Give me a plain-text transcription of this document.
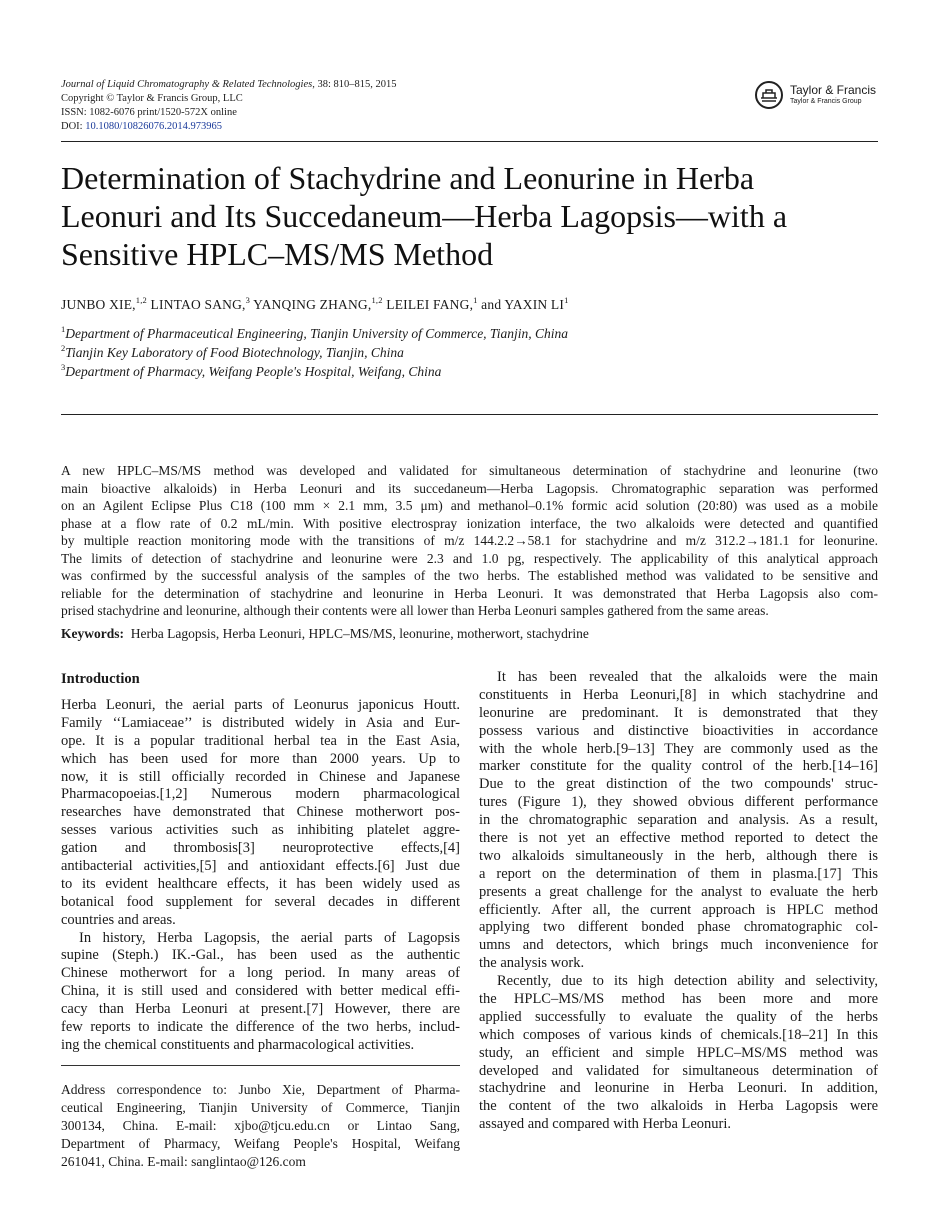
Journal of Liquid Chromatography & Related Technologies, 38: 810–815, 2015
Copyright © Taylor & Francis Group, LLC
ISSN: 1082-6076 print/1520-572X online
DOI: 10.1080/10826076.2014.973965
Taylor & Francis
Taylor & Francis Group
Determination of Stachydrine and Leonurine in Herba
Leonuri and Its Succedaneum—Herba Lagopsis—with a
Sensitive HPLC–MS/MS Method
JUNBO XIE,$^{1,2}$ LINTAO SANG,$^3$ YANQING ZHANG,$^{1,2}$ LEILEI FANG,$^1$ and YAXIN $LI^1$
$^1$Department of Pharmaceutical Engineering, Tianjin University of Commerce, Tianjin, China
$^2$Tianjin Key Laboratory of Food Biotechnology, Tianjin, China
$^3$Department of Pharmacy, Weifang People's Hospital, Weifang, China
A new HPLC–MS/MS method was developed and validated for simultaneous determination of stachydrine and leonurine (two
main bioactive alkaloids) in Herba Leonuri and its succedaneum—Herba Lagopsis. Chromatographic separation was performed
on an Agilent Eclipse Plus C18 (100 mm × 2.1 mm, 3.5 μm) and methanol–0.1% formic acid solution (20:80) was used as a mobile
phase at a flow rate of 0.2 mL/min. With positive electrospray ionization interface, the two alkaloids were detected and quantified
by multiple reaction monitoring mode with the transitions of m/z 144.2.2→58.1 for stachydrine and m/z 312.2→181.1 for leonurine.
The limits of detection of stachydrine and leonurine were 2.3 and 1.0 pg, respectively. The applicability of this analytical approach
was confirmed by the successful analysis of the samples of the two herbs. The established method was validated to be sensitive and
reliable for the determination of stachydrine and leonurine in Herba Leonuri. It was demonstrated that Herba Lagopsis also com-
prised stachydrine and leonurine, although their contents were all lower than Herba Leonuri samples gathered from the same areas.
Keywords: Herba Lagopsis, Herba Leonuri, HPLC–MS/MS, leonurine, motherwort, stachydrine
Introduction
Herba Leonuri, the aerial parts of Leonurus japonicus Houtt.
Family ‘‘Lamiaceae’’ is distributed widely in Asia and Eur-
ope. It is a popular traditional herbal tea in the East Asia,
which has been used for more than 2000 years. Up to
now, it is still officially recorded in Chinese and Japanese
Pharmacopoeias.[1,2] Numerous modern pharmacological
researches have demonstrated that Chinese motherwort pos-
sesses various activities such as inhibiting platelet aggre-
gation and thrombosis[3] neuroprotective effects,[4]
antibacterial activities,[5] and antioxidant effects.[6] Just due
to its evident healthcare effects, it has been widely used as
botanical food supplement for several decades in different
countries and areas.
In history, Herba Lagopsis, the aerial parts of Lagopsis
supine (Steph.) IK.-Gal., has been used as the authentic
Chinese motherwort for a long period. In many areas of
China, it is still used and considered with better medical effi-
cacy than Herba Leonuri at present.[7] However, there are
few reports to indicate the difference of the two herbs, includ-
ing the chemical constituents and pharmacological activities.
It has been revealed that the alkaloids were the main
constituents in Herba Leonuri,[8] in which stachydrine and
leonurine are predominant. It is demonstrated that they
possess various and distinctive bioactivities in accordance
with the whole herb.[9–13] They are commonly used as the
marker constitute for the quality control of the herb.[14–16]
Due to the great distinction of the two compounds' struc-
tures (Figure 1), they showed obvious different performance
in the chromatographic separation and analysis. As a result,
there is not yet an effective method reported to detect the
two alkaloids simultaneously in the herb, although there is
a report on the determination of them in plasma.[17] This
presents a great challenge for the analyst to evaluate the herb
efficiently. After all, the current approach is HPLC method
applying two different bonded phase chromatographic col-
umns and detectors, which brings much inconvenience for
the analysis work.
Recently, due to its high detection ability and selectivity,
the HPLC–MS/MS method has been more and more
applied successfully to evaluate the quality of the herbs
which composes of various kinds of chemicals.[18–21] In this
study, an efficient and simple HPLC–MS/MS method was
developed and validated for simultaneous determination of
stachydrine and leonurine in Herba Leonuri. In addition,
the content of the two alkaloids in Herba Lagopsis were
assayed and compared with Herba Leonuri.
Address correspondence to: Junbo Xie, Department of Pharma-
ceutical Engineering, Tianjin University of Commerce, Tianjin
300134, China. E-mail: xjbo@tjcu.edu.cn or Lintao Sang,
Department of Pharmacy, Weifang People's Hospital, Weifang
261041, China. E-mail: sanglintao@126.com
